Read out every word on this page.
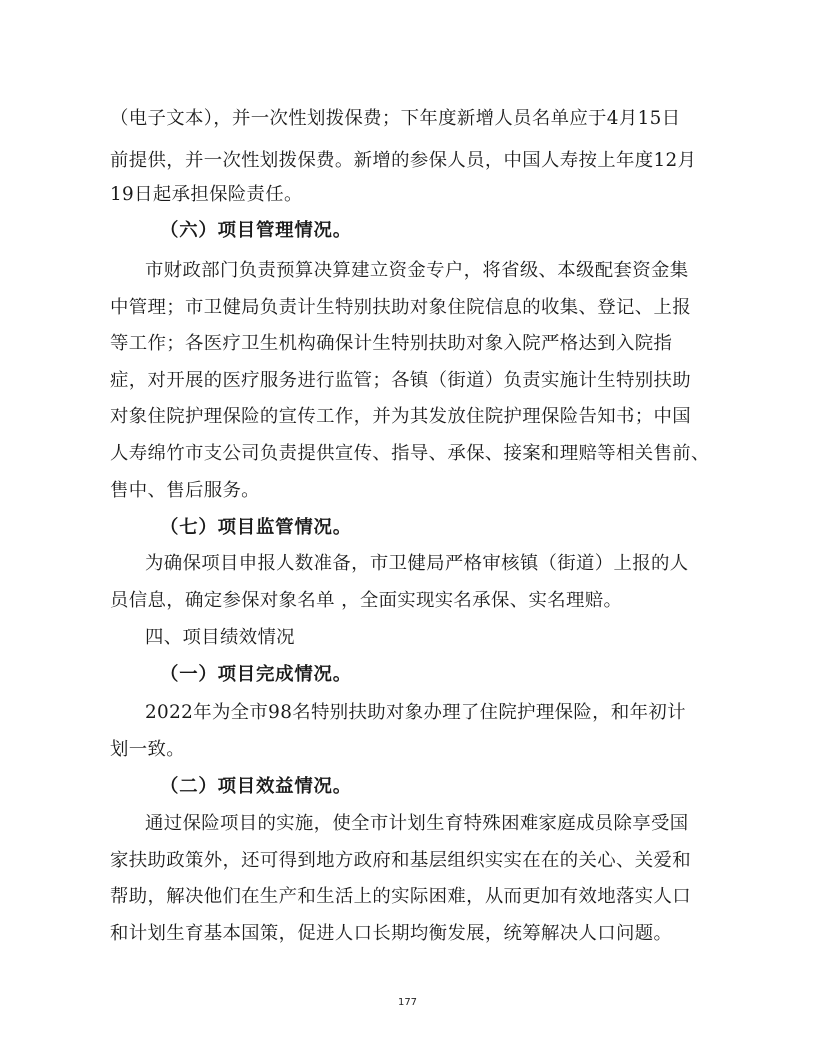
（电子文本），并一次性划拨保费；下年度新增人员名单应于4月15日

前提供，并一次性划拨保费。新增的参保人员，中国人寿按上年度12月

19日起承担保险责任。

（六）项目管理情况。

市财政部门负责预算决算建立资金专户，将省级、本级配套资金集

中管理；市卫健局负责计生特别扶助对象住院信息的收集、登记、上报

等工作；各医疗卫生机构确保计生特别扶助对象入院严格达到入院指

症，对开展的医疗服务进行监管；各镇（街道）负责实施计生特别扶助

对象住院护理保险的宣传工作，并为其发放住院护理保险告知书；中国

人寿绵竹市支公司负责提供宣传、指导、承保、接案和理赔等相关售前、

售中、售后服务。

（七）项目监管情况。

为确保项目申报人数准备，市卫健局严格审核镇（街道）上报的人

员信息，确定参保对象名单 ，全面实现实名承保、实名理赔。

四、项目绩效情况

（一）项目完成情况。

2022年为全市98名特别扶助对象办理了住院护理保险，和年初计

划一致。

（二）项目效益情况。

通过保险项目的实施，使全市计划生育特殊困难家庭成员除享受国

家扶助政策外，还可得到地方政府和基层组织实实在在的关心、关爱和

帮助，解决他们在生产和生活上的实际困难，从而更加有效地落实人口

和计划生育基本国策，促进人口长期均衡发展，统筹解决人口问题。

177
